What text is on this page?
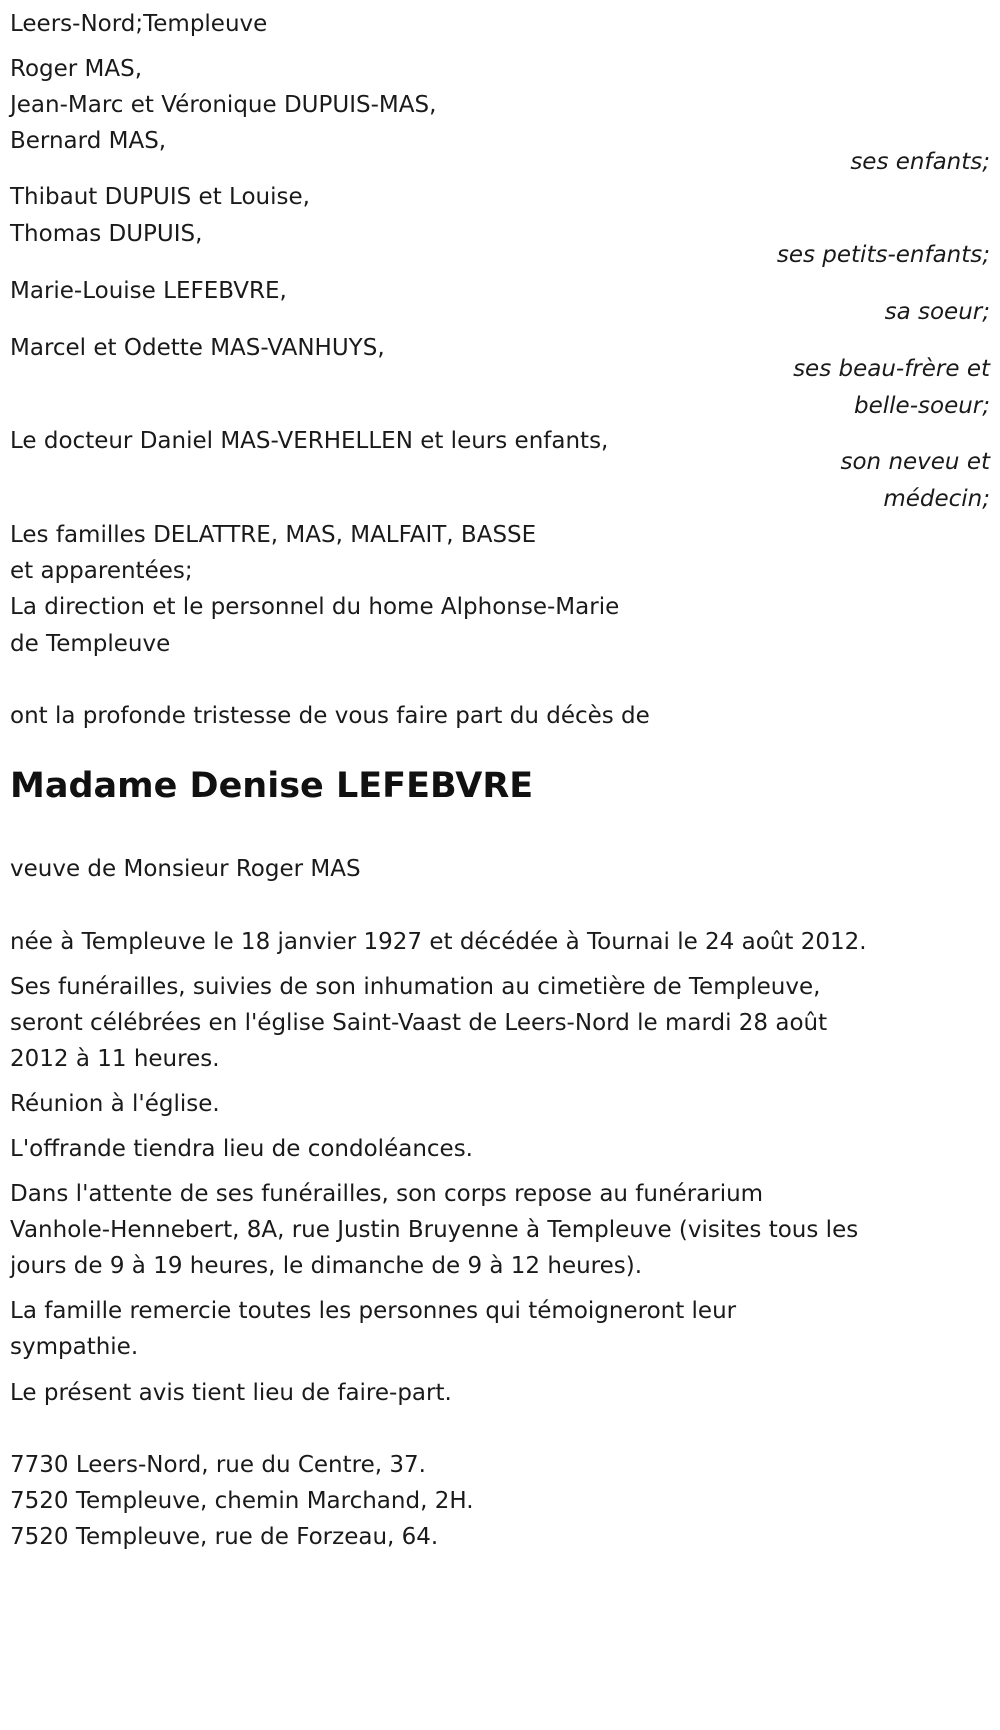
Leers-Nord;Templeuve
Roger MAS,
Jean-Marc et Véronique DUPUIS-MAS,
Bernard MAS,
ses enfants;
Thibaut DUPUIS et Louise,
Thomas DUPUIS,
ses petits-enfants;
Marie-Louise LEFEBVRE,
sa soeur;
Marcel et Odette MAS-VANHUYS,
ses beau-frère et
belle-soeur;
Le docteur Daniel MAS-VERHELLEN et leurs enfants,
son neveu et
médecin;
Les familles DELATTRE, MAS, MALFAIT, BASSE
et apparentées;
La direction et le personnel du home Alphonse-Marie
de Templeuve
ont la profonde tristesse de vous faire part du décès de
Madame Denise LEFEBVRE
veuve de Monsieur Roger MAS
née à Templeuve le 18 janvier 1927 et décédée à Tournai le 24 août 2012.
Ses funérailles, suivies de son inhumation au cimetière de Templeuve,
seront célébrées en l'église Saint-Vaast de Leers-Nord le mardi 28 août
2012 à 11 heures.
Réunion à l'église.
L'offrande tiendra lieu de condoléances.
Dans l'attente de ses funérailles, son corps repose au funérarium
Vanhole-Hennebert, 8A, rue Justin Bruyenne à Templeuve (visites tous les
jours de 9 à 19 heures, le dimanche de 9 à 12 heures).
La famille remercie toutes les personnes qui témoigneront leur
sympathie.
Le présent avis tient lieu de faire-part.
7730 Leers-Nord, rue du Centre, 37.
7520 Templeuve, chemin Marchand, 2H.
7520 Templeuve, rue de Forzeau, 64.
